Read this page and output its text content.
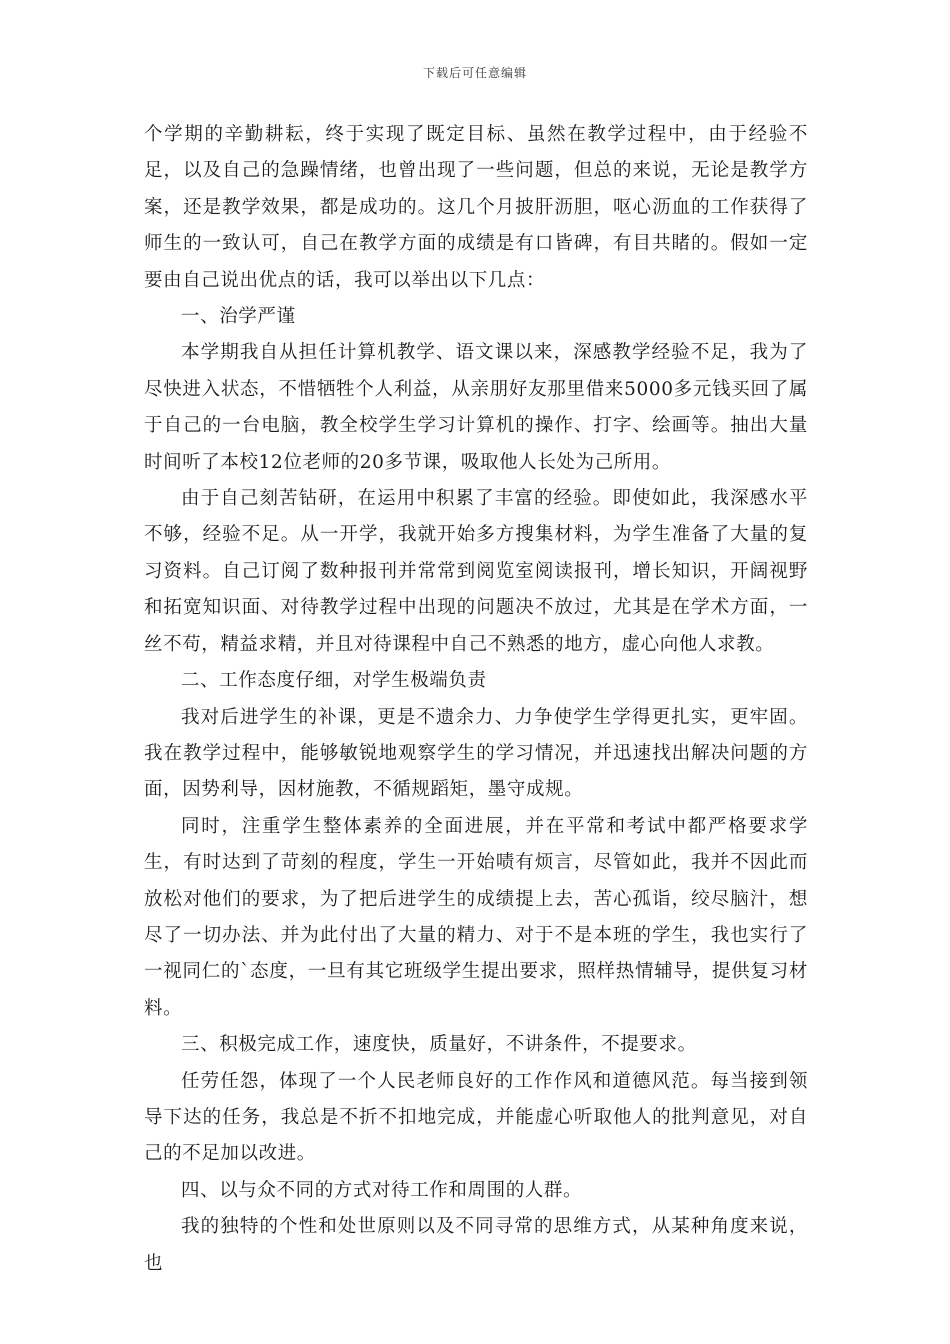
下载后可任意编辑

个学期的辛勤耕耘，终于实现了既定目标、虽然在教学过程中，由于经验不足，以及自己的急躁情绪，也曾出现了一些问题，但总的来说，无论是教学方案，还是教学效果，都是成功的。这几个月披肝沥胆，呕心沥血的工作获得了师生的一致认可，自己在教学方面的成绩是有口皆碑，有目共睹的。假如一定要由自己说出优点的话，我可以举出以下几点：

一、治学严谨

本学期我自从担任计算机教学、语文课以来，深感教学经验不足，我为了尽快进入状态，不惜牺牲个人利益，从亲朋好友那里借来5000多元钱买回了属于自己的一台电脑，教全校学生学习计算机的操作、打字、绘画等。抽出大量时间听了本校12位老师的20多节课，吸取他人长处为己所用。

由于自己刻苦钻研，在运用中积累了丰富的经验。即使如此，我深感水平不够，经验不足。从一开学，我就开始多方搜集材料，为学生准备了大量的复习资料。自己订阅了数种报刊并常常到阅览室阅读报刊，增长知识，开阔视野和拓宽知识面、对待教学过程中出现的问题决不放过，尤其是在学术方面，一丝不苟，精益求精，并且对待课程中自己不熟悉的地方，虚心向他人求教。

二、工作态度仔细，对学生极端负责

我对后进学生的补课，更是不遗余力、力争使学生学得更扎实，更牢固。我在教学过程中，能够敏锐地观察学生的学习情况，并迅速找出解决问题的方面，因势利导，因材施教，不循规蹈矩，墨守成规。

同时，注重学生整体素养的全面进展，并在平常和考试中都严格要求学生，有时达到了苛刻的程度，学生一开始啧有烦言，尽管如此，我并不因此而放松对他们的要求，为了把后进学生的成绩提上去，苦心孤诣，绞尽脑汁，想尽了一切办法、并为此付出了大量的精力、对于不是本班的学生，我也实行了一视同仁的`态度，一旦有其它班级学生提出要求，照样热情辅导，提供复习材料。

三、积极完成工作，速度快，质量好，不讲条件，不提要求。

任劳任怨，体现了一个人民老师良好的工作作风和道德风范。每当接到领导下达的任务，我总是不折不扣地完成，并能虚心听取他人的批判意见，对自己的不足加以改进。

四、以与众不同的方式对待工作和周围的人群。

我的独特的个性和处世原则以及不同寻常的思维方式，从某种角度来说，也
